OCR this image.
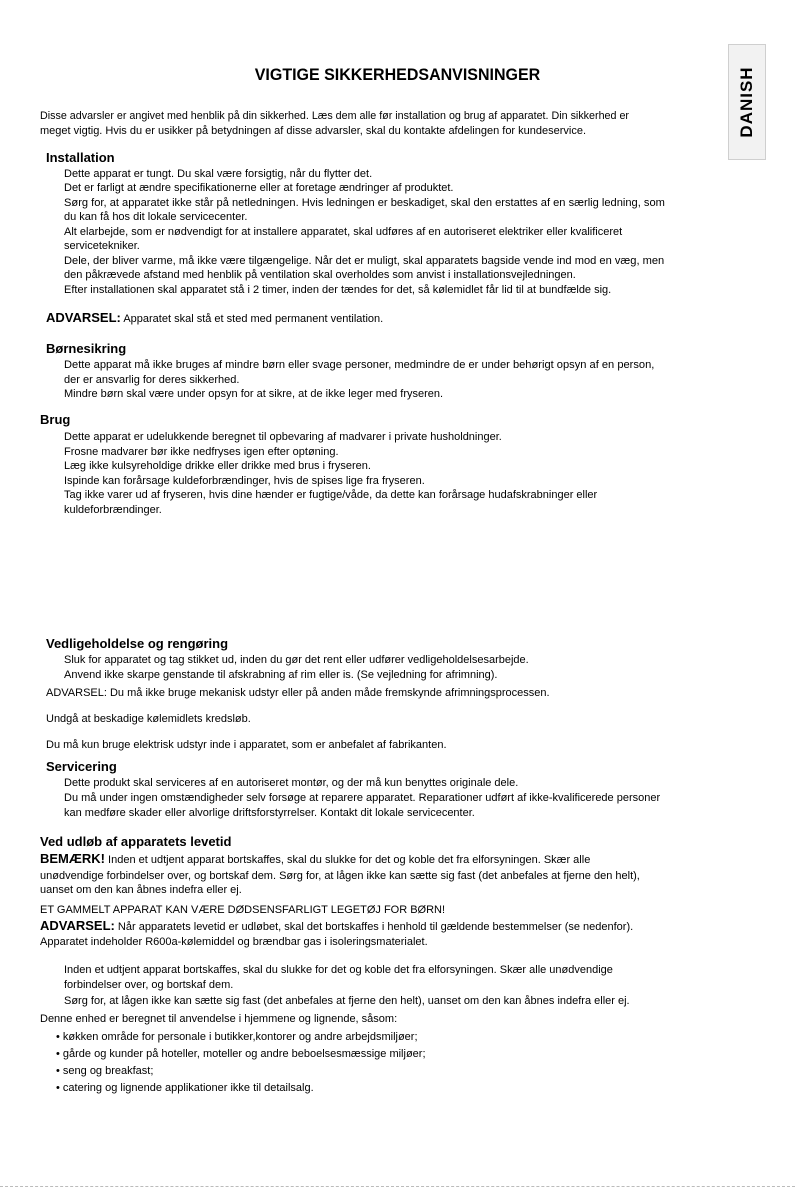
DANISH
VIGTIGE SIKKERHEDSANVISNINGER
Disse advarsler er angivet med henblik på din sikkerhed. Læs dem alle før installation og brug af apparatet. Din sikkerhed er
meget vigtig. Hvis du er usikker på betydningen af disse advarsler, skal du kontakte afdelingen for kundeservice.
Installation
Dette apparat er tungt. Du skal være forsigtig, når du flytter det.
Det er farligt at ændre specifikationerne eller at foretage ændringer af produktet.
Sørg for, at apparatet ikke står på netledningen. Hvis ledningen er beskadiget, skal den erstattes af en særlig ledning, som
du kan få hos dit lokale servicecenter.
Alt elarbejde, som er nødvendigt for at installere apparatet, skal udføres af en autoriseret elektriker eller kvalificeret
servicetekniker.
Dele, der bliver varme, må ikke være tilgængelige. Når det er muligt, skal apparatets bagside vende ind mod en væg, men
den påkrævede afstand med henblik på ventilation skal overholdes som anvist i installationsvejledningen.
Efter installationen skal apparatet stå i 2 timer, inden der tændes for det, så kølemidlet får lid til at bundfælde sig.
ADVARSEL: Apparatet skal stå et sted med permanent ventilation.
Børnesikring
Dette apparat må ikke bruges af mindre børn eller svage personer, medmindre de er under behørigt opsyn af en person,
der er ansvarlig for deres sikkerhed.
Mindre børn skal være under opsyn for at sikre, at de ikke leger med fryseren.
Brug
Dette apparat er udelukkende beregnet til opbevaring af madvarer i private husholdninger.
Frosne madvarer bør ikke nedfryses igen efter optøning.
Læg ikke kulsyreholdige drikke eller drikke med brus i fryseren.
Ispinde kan forårsage kuldeforbrændinger, hvis de spises lige fra fryseren.
Tag ikke varer ud af fryseren, hvis dine hænder er fugtige/våde, da dette kan forårsage hudafskrabninger eller
kuldeforbrændinger.
Vedligeholdelse og rengøring
Sluk for apparatet og tag stikket ud, inden du gør det rent eller udfører vedligeholdelsesarbejde.
Anvend ikke skarpe genstande til afskrabning af rim eller is. (Se vejledning for afrimning).
ADVARSEL: Du må ikke bruge mekanisk udstyr eller på anden måde fremskynde afrimningsprocessen.
Undgå at beskadige kølemidlets kredsløb.
Du må kun bruge elektrisk udstyr inde i apparatet, som er anbefalet af fabrikanten.
Servicering
Dette produkt skal serviceres af en autoriseret montør, og der må kun benyttes originale dele.
Du må under ingen omstændigheder selv forsøge at reparere apparatet. Reparationer udført af ikke-kvalificerede personer
kan medføre skader eller alvorlige driftsforstyrrelser. Kontakt dit lokale servicecenter.
Ved udløb af apparatets levetid
BEMÆRK! Inden et udtjent apparat bortskaffes, skal du slukke for det og koble det fra elforsyningen. Skær alle
unødvendige forbindelser over, og bortskaf dem. Sørg for, at lågen ikke kan sætte sig fast (det anbefales at fjerne den helt),
uanset om den kan åbnes indefra eller ej.
ET GAMMELT APPARAT KAN VÆRE DØDSENSFARLIGT LEGETØJ FOR BØRN!
ADVARSEL: Når apparatets levetid er udløbet, skal det bortskaffes i henhold til gældende bestemmelser (se nedenfor).
Apparatet indeholder R600a-kølemiddel og brændbar gas i isoleringsmaterialet.
Inden et udtjent apparat bortskaffes, skal du slukke for det og koble det fra elforsyningen. Skær alle unødvendige
forbindelser over, og bortskaf dem.
Sørg for, at lågen ikke kan sætte sig fast (det anbefales at fjerne den helt), uanset om den kan åbnes indefra eller ej.
Denne enhed er beregnet til anvendelse i hjemmene og lignende, såsom:
• køkken område for personale i butikker,kontorer og andre arbejdsmiljøer;
• gårde og kunder på hoteller, moteller og andre beboelsesmæssige miljøer;
• seng og breakfast;
• catering og lignende applikationer ikke til detailsalg.
